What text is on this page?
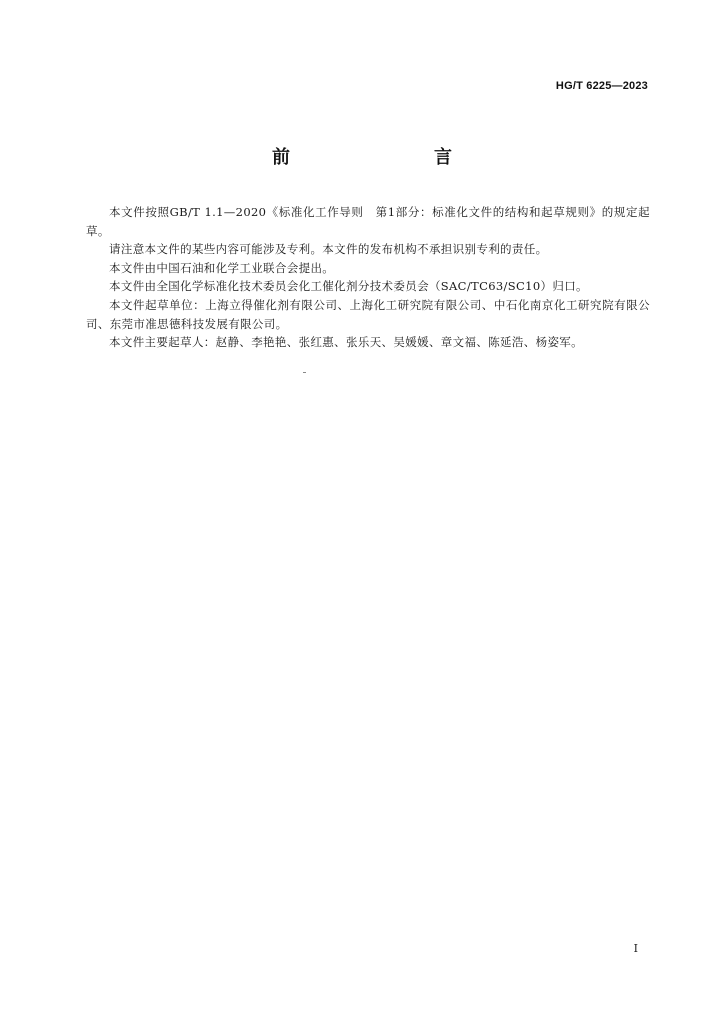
HG/T 6225—2023

前　　言

本文件按照GB/T 1.1—2020《标准化工作导则　第1部分：标准化文件的结构和起草规则》的规定起草。

请注意本文件的某些内容可能涉及专利。本文件的发布机构不承担识别专利的责任。

本文件由中国石油和化学工业联合会提出。

本文件由全国化学标准化技术委员会化工催化剂分技术委员会（SAC/TC63/SC10）归口。

本文件起草单位：上海立得催化剂有限公司、上海化工研究院有限公司、中石化南京化工研究院有限公司、东莞市准思德科技发展有限公司。

本文件主要起草人：赵静、李艳艳、张红惠、张乐天、吴媛媛、章文福、陈延浩、杨姿军。

I
